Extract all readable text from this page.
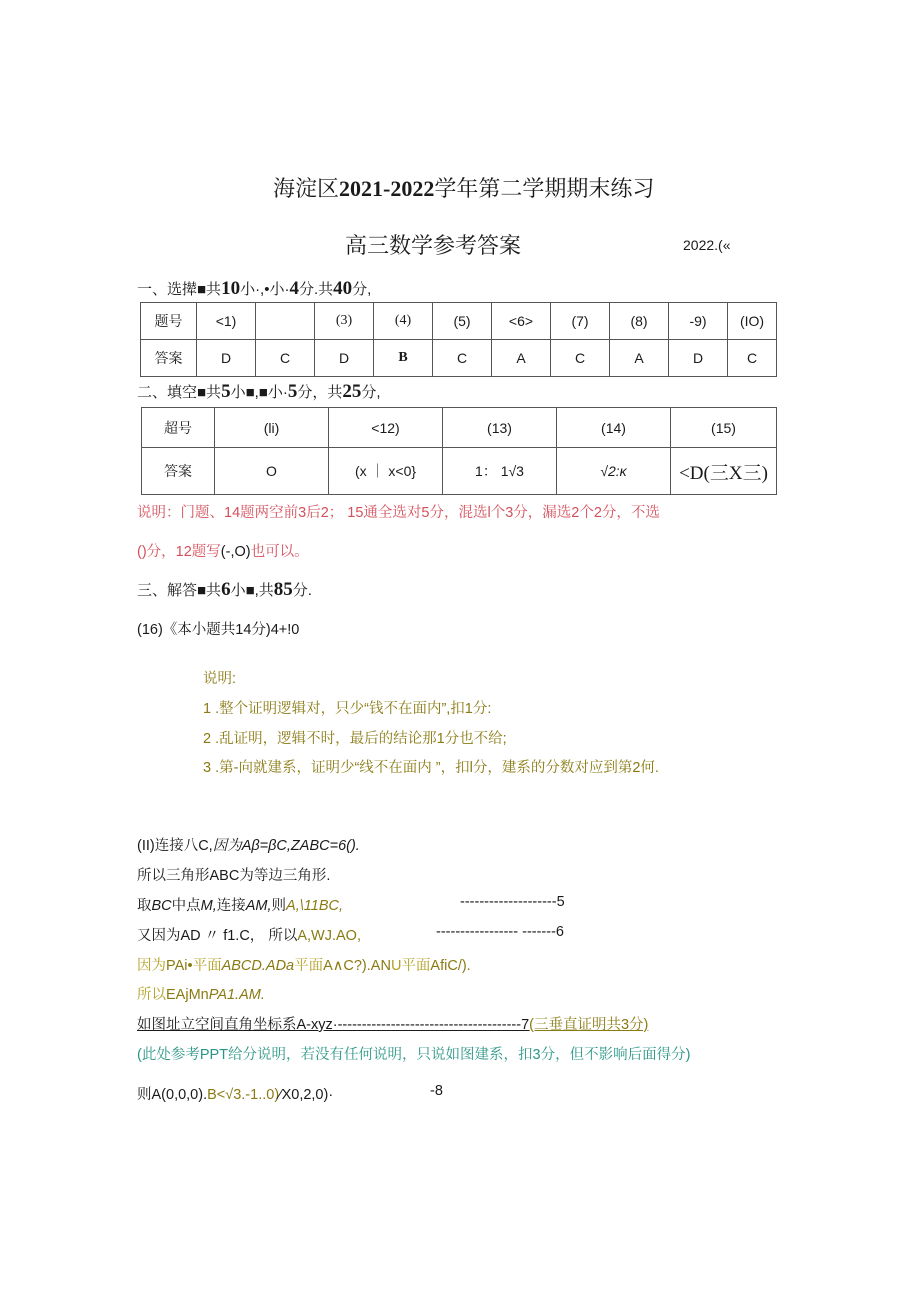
海淀区2021-2022学年第二学期期末练习
高三数学参考答案	2022.(«
一、选撵■共10小·,•小·4分.共40分,
题号	<1)		(3)	(4)	(5)	<6>	(7)	(8)	-9)	(IO)
答案	D	C	D	B	C	A	C	A	D	C
二、填空■共5小■,■小·5分，共25分,
超号	(li)	<12)	(13)	(14)	(15)
答案	O	(x ｜ x<0}	1： 1√3	√2:κ	<D(三X三)
说明：门题、14题两空前3后2； 15通全选对5分，混选l个3分，漏选2个2分，不选
()分，12题写(-,O)也可以。
三、解答■共6小■,共85分.
(16)《本小题共14分)4+!0
说明:
1 .整个证明逻辑对，只少“钱不在面内”,扣1分:
2 .乱证明，逻辑不时，最后的结论那1分也不给;
3 .第-向就建系，证明少“线不在面内 ”，扣l分，建系的分数对应到第2何.
(II)连接八C,因为Aβ=βC,ZABC=6().
所以三角形ABC为等边三角形.
取BC中点M,连接AM,则A,\11BC,	--------------------5
又因为AD 〃 f1.C， 所以A,WJ.AO,	----------------- -------6
因为PAi•平面ABCD.ADa平面A∧C?).ANU平面AfiC/).
所以EAjMnPA1.AM.
如图址立空间直角坐标系A-xyz·--------------------------------------7(三垂直证明共3分)
(此处参考PPT给分说明，若没有任何说明，只说如图建系，扣3分，但不影响后面得分)
则A(0,0,0).B<√3.-1..0)⁄X0,2,0)·	-8
